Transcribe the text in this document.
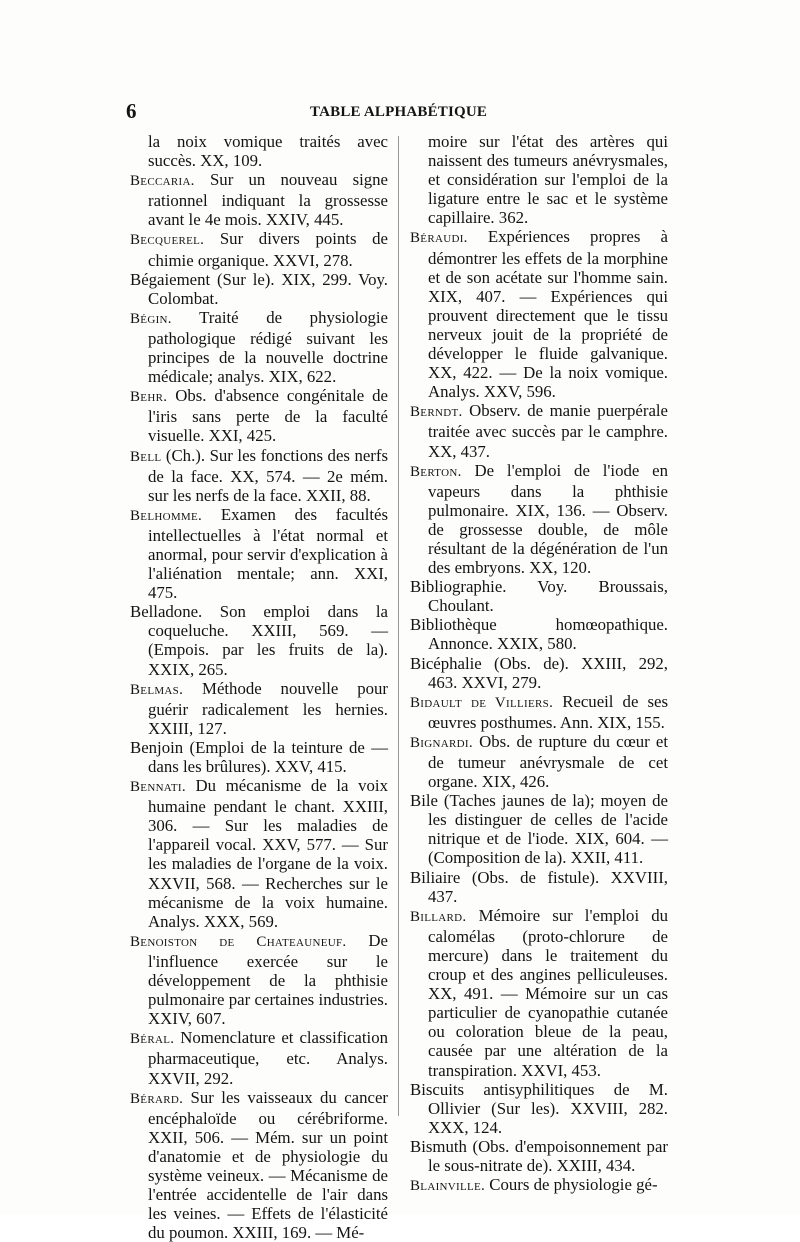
6	TABLE ALPHABÉTIQUE

la noix vomique traités avec succès. XX, 109.

Beccaria. Sur un nouveau signe rationnel indiquant la grossesse avant le 4e mois. XXIV, 445.

Becquerel. Sur divers points de chimie organique. XXVI, 278.

Bégaiement (Sur le). XIX, 299. Voy. Colombat.

Bégin. Traité de physiologie pathologique rédigé suivant les principes de la nouvelle doctrine médicale; analys. XIX, 622.

Behr. Obs. d'absence congénitale de l'iris sans perte de la faculté visuelle. XXI, 425.

Bell (Ch.). Sur les fonctions des nerfs de la face. XX, 574. — 2e mém. sur les nerfs de la face. XXII, 88.

Belhomme. Examen des facultés intellectuelles à l'état normal et anormal, pour servir d'explication à l'aliénation mentale; ann. XXI, 475.

Belladone. Son emploi dans la coqueluche. XXIII, 569. — (Empois. par les fruits de la). XXIX, 265.

Belmas. Méthode nouvelle pour guérir radicalement les hernies. XXIII, 127.

Benjoin (Emploi de la teinture de — dans les brûlures). XXV, 415.

Bennati. Du mécanisme de la voix humaine pendant le chant. XXIII, 306. — Sur les maladies de l'appareil vocal. XXV, 577. — Sur les maladies de l'organe de la voix. XXVII, 568. — Recherches sur le mécanisme de la voix humaine. Analys. XXX, 569.

Benoiston de Chateauneuf. De l'influence exercée sur le développement de la phthisie pulmonaire par certaines industries. XXIV, 607.

Béral. Nomenclature et classification pharmaceutique, etc. Analys. XXVII, 292.

Bérard. Sur les vaisseaux du cancer encéphaloïde ou cérébriforme. XXII, 506. — Mém. sur un point d'anatomie et de physiologie du système veineux. — Mécanisme de l'entrée accidentelle de l'air dans les veines. — Effets de l'élasticité du poumon. XXIII, 169. — Mé-

moire sur l'état des artères qui naissent des tumeurs anévrysmales, et considération sur l'emploi de la ligature entre le sac et le système capillaire. 362.

Béraudi. Expériences propres à démontrer les effets de la morphine et de son acétate sur l'homme sain. XIX, 407. — Expériences qui prouvent directement que le tissu nerveux jouit de la propriété de développer le fluide galvanique. XX, 422. — De la noix vomique. Analys. XXV, 596.

Berndt. Observ. de manie puerpérale traitée avec succès par le camphre. XX, 437.

Berton. De l'emploi de l'iode en vapeurs dans la phthisie pulmonaire. XIX, 136. — Observ. de grossesse double, de môle résultant de la dégénération de l'un des embryons. XX, 120.

Bibliographie. Voy. Broussais, Choulant.

Bibliothèque homœopathique. Annonce. XXIX, 580.

Bicéphalie (Obs. de). XXIII, 292, 463. XXVI, 279.

Bidault de Villiers. Recueil de ses œuvres posthumes. Ann. XIX, 155.

Bignardi. Obs. de rupture du cœur et de tumeur anévrysmale de cet organe. XIX, 426.

Bile (Taches jaunes de la); moyen de les distinguer de celles de l'acide nitrique et de l'iode. XIX, 604. —(Composition de la). XXII, 411.

Biliaire (Obs. de fistule). XXVIII, 437.

Billard. Mémoire sur l'emploi du calomélas (proto-chlorure de mercure) dans le traitement du croup et des angines pelliculeuses. XX, 491. — Mémoire sur un cas particulier de cyanopathie cutanée ou coloration bleue de la peau, causée par une altération de la transpiration. XXVI, 453.

Biscuits antisyphilitiques de M. Ollivier (Sur les). XXVIII, 282. XXX, 124.

Bismuth (Obs. d'empoisonnement par le sous-nitrate de). XXIII, 434.

Blainville. Cours de physiologie gé-
